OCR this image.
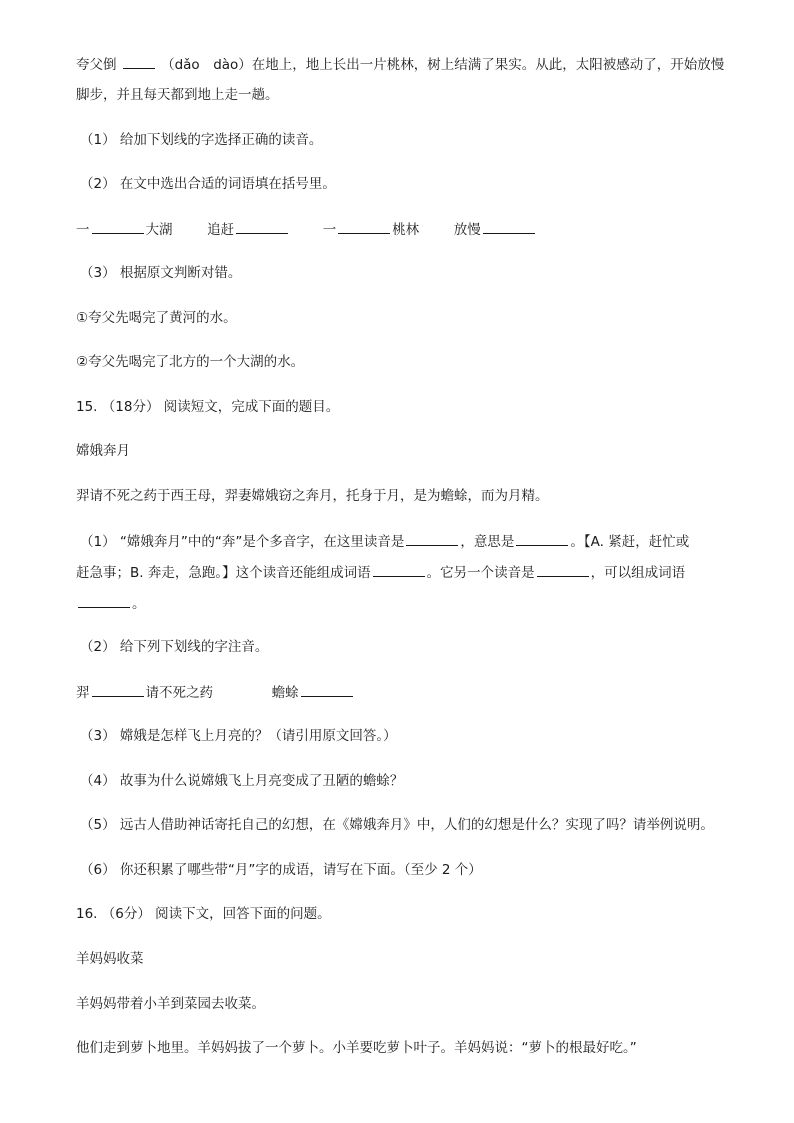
夸父倒	（dǎo　dào）在地上，地上长出一片桃林，树上结满了果实。从此，太阳被感动了，开始放慢
脚步，并且每天都到地上走一趟。
（1） 给加下划线的字选择正确的读音。
（2） 在文中选出合适的词语填在括号里。
一	大湖	追赶	一	桃林	放慢
（3） 根据原文判断对错。
①夸父先喝完了黄河的水。
②夸父先喝完了北方的一个大湖的水。
15. （18分） 阅读短文，完成下面的题目。
嫦娥奔月
羿请不死之药于西王母，羿妻嫦娥窃之奔月，托身于月，是为蟾蜍，而为月精。
（1） “嫦娥奔月”中的“奔”是个多音字，在这里读音是	，意思是	。【A. 紧赶，赶忙或
赶急事；B. 奔走，急跑。】这个读音还能组成词语	。它另一个读音是	，可以组成词语
。
（2） 给下列下划线的字注音。
羿	请不死之药	蟾蜍
（3） 嫦娥是怎样飞上月亮的？（请引用原文回答。）
（4） 故事为什么说嫦娥飞上月亮变成了丑陋的蟾蜍？
（5） 远古人借助神话寄托自己的幻想，在《嫦娥奔月》中，人们的幻想是什么？实现了吗？请举例说明。
（6） 你还积累了哪些带“月”字的成语，请写在下面。（至少 2 个）
16. （6分） 阅读下文，回答下面的问题。
羊妈妈收菜
羊妈妈带着小羊到菜园去收菜。
他们走到萝卜地里。羊妈妈拔了一个萝卜。小羊要吃萝卜叶子。羊妈妈说：“萝卜的根最好吃。”
